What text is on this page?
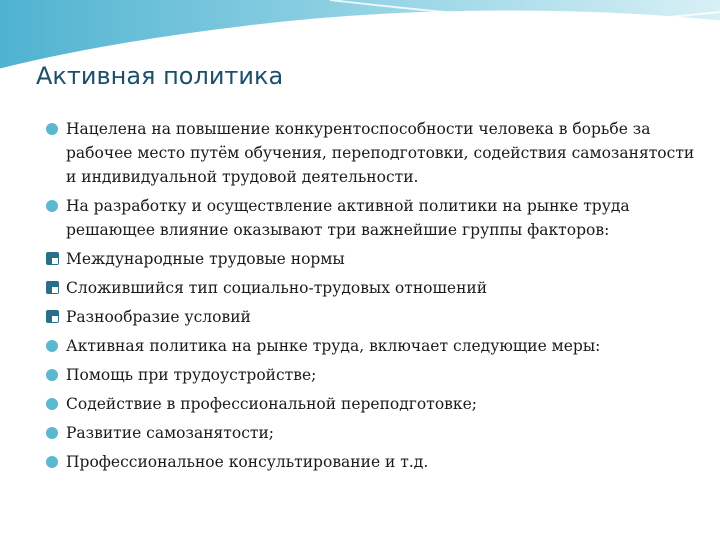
Активная политика
Нацелена на повышение конкурентоспособности человека в борьбе за рабочее место путём обучения, переподготовки, содействия самозанятости и индивидуальной трудовой деятельности.
На разработку и осуществление активной политики на рынке труда решающее влияние оказывают три важнейшие группы факторов:
Международные трудовые нормы
Сложившийся тип социально-трудовых отношений
Разнообразие условий
Активная политика на рынке труда, включает следующие меры:
Помощь при трудоустройстве;
Содействие в профессиональной переподготовке;
Развитие самозанятости;
Профессиональное консультирование и т.д.
